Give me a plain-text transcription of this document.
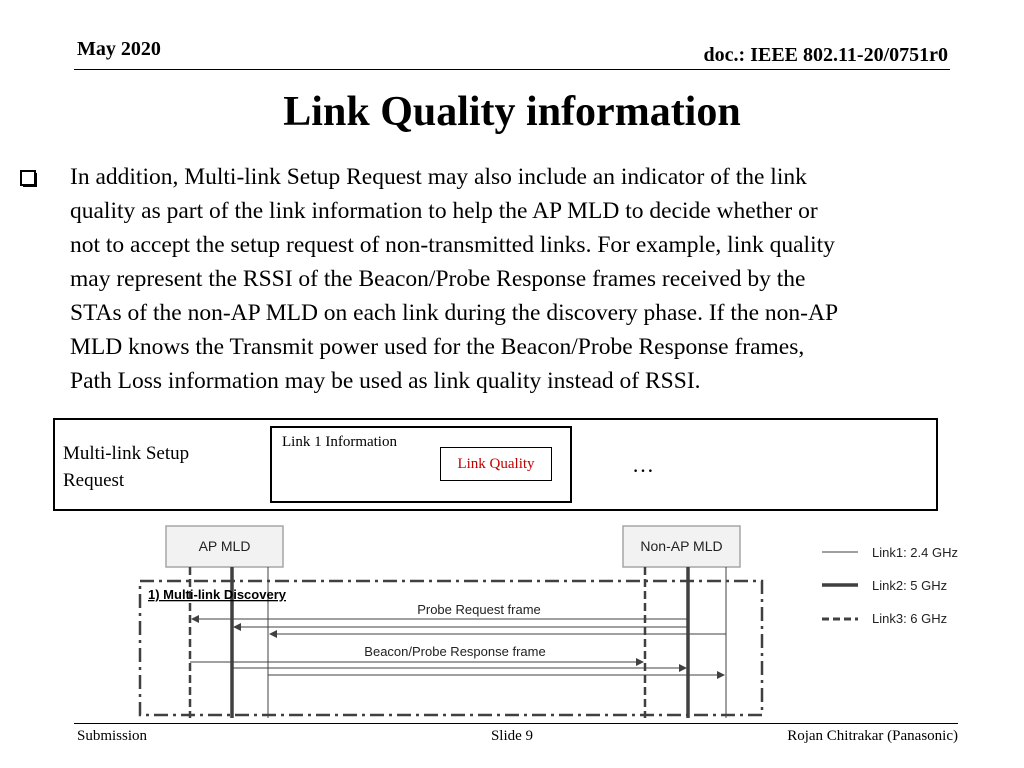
May 2020	doc.: IEEE 802.11-20/0751r0
Link Quality information
In addition, Multi-link Setup Request may also include an indicator of the link
quality as part of the link information to help the AP MLD to decide whether or
not to accept the setup request of non-transmitted links. For example, link quality
may represent the RSSI of the Beacon/Probe Response frames received by the
STAs of the non-AP MLD on each link during the discovery phase. If the non-AP
MLD knows the Transmit power used for the Beacon/Probe Response frames,
Path Loss information may be used as link quality instead of RSSI.
Multi-link Setup
Request
Link 1 Information
Link Quality	…
AP MLD	Non-AP MLD
1) Multi-link Discovery
Probe Request frame
Beacon/Probe Response frame
Link1: 2.4 GHz
Link2: 5 GHz
Link3: 6 GHz
Submission	Slide 9	Rojan Chitrakar (Panasonic)
